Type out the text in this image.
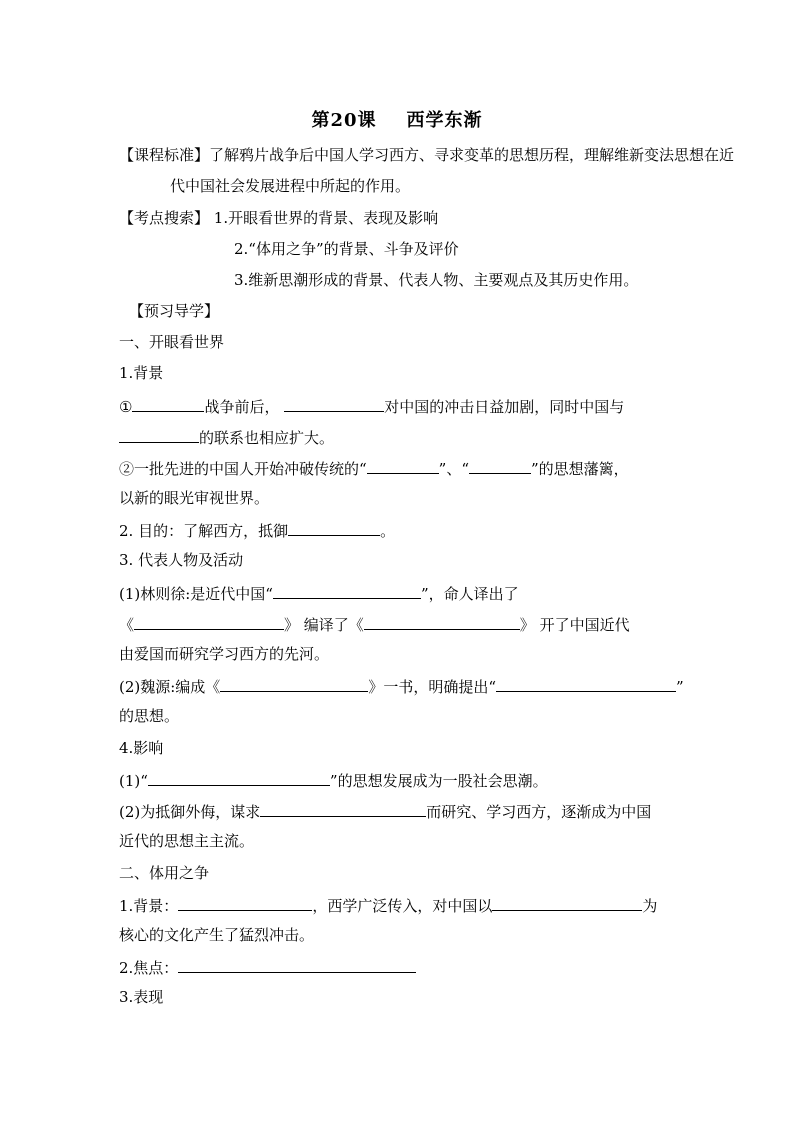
第20课 西学东渐
【课程标准】了解鸦片战争后中国人学习西方、寻求变革的思想历程，理解维新变法思想在近
代中国社会发展进程中所起的作用。
【考点搜索】 1.开眼看世界的背景、表现及影响
2.“体用之争”的背景、斗争及评价
3.维新思潮形成的背景、代表人物、主要观点及其历史作用。
【预习导学】
一、开眼看世界
1.背景
①	战争前后，	对中国的冲击日益加剧，同时中国与
的联系也相应扩大。
②一批先进的中国人开始冲破传统的“	”、“	”的思想藩篱，
以新的眼光审视世界。
2. 目的：了解西方，抵御	。
3. 代表人物及活动
(1)林则徐:是近代中国“	”，命人译出了
《	》 编译了《	》 开了中国近代
由爱国而研究学习西方的先河。
(2)魏源:编成《	》一书，明确提出“	”
的思想。
4.影响
(1)“	”的思想发展成为一股社会思潮。
(2)为抵御外侮，谋求	而研究、学习西方，逐渐成为中国
近代的思想主主流。
二、体用之争
1.背景：	，西学广泛传入，对中国以	为
核心的文化产生了猛烈冲击。
2.焦点：
3.表现
